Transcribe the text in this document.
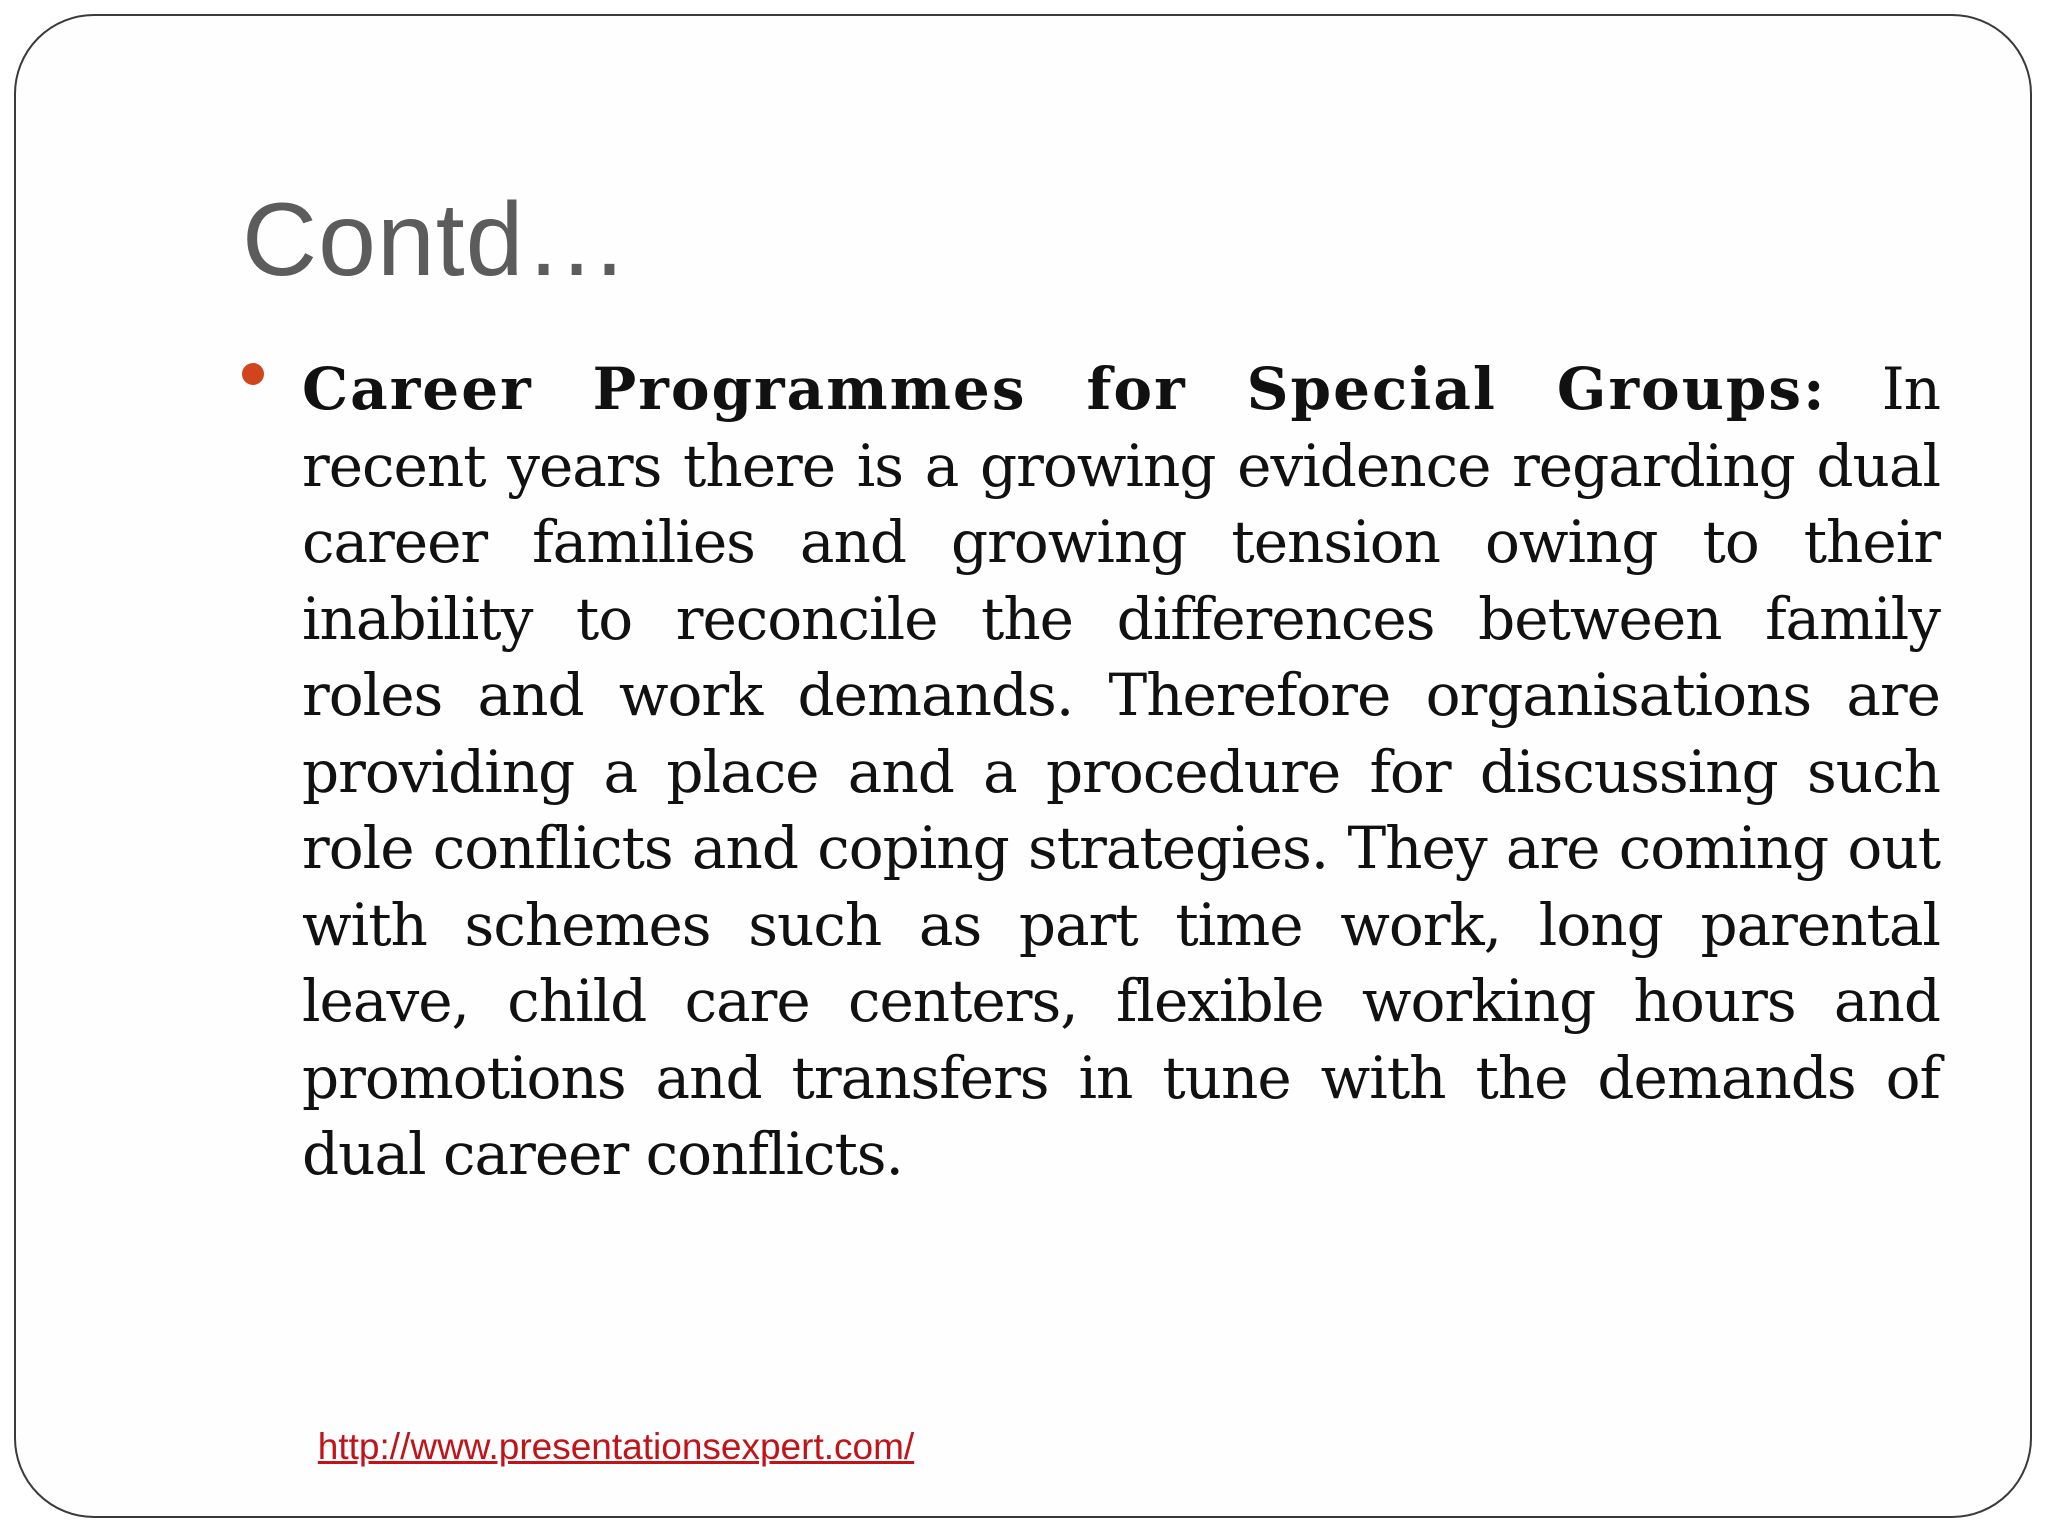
Contd…
Career Programmes for Special Groups: In recent years there is a growing evidence regarding dual career families and growing tension owing to their inability to reconcile the differences between family roles and work demands. Therefore organisations are providing a place and a procedure for discussing such role conflicts and coping strategies. They are coming out with schemes such as part time work, long parental leave, child care centers, flexible working hours and promotions and transfers in tune with the demands of dual career conflicts.
http://www.presentationsexpert.com/
